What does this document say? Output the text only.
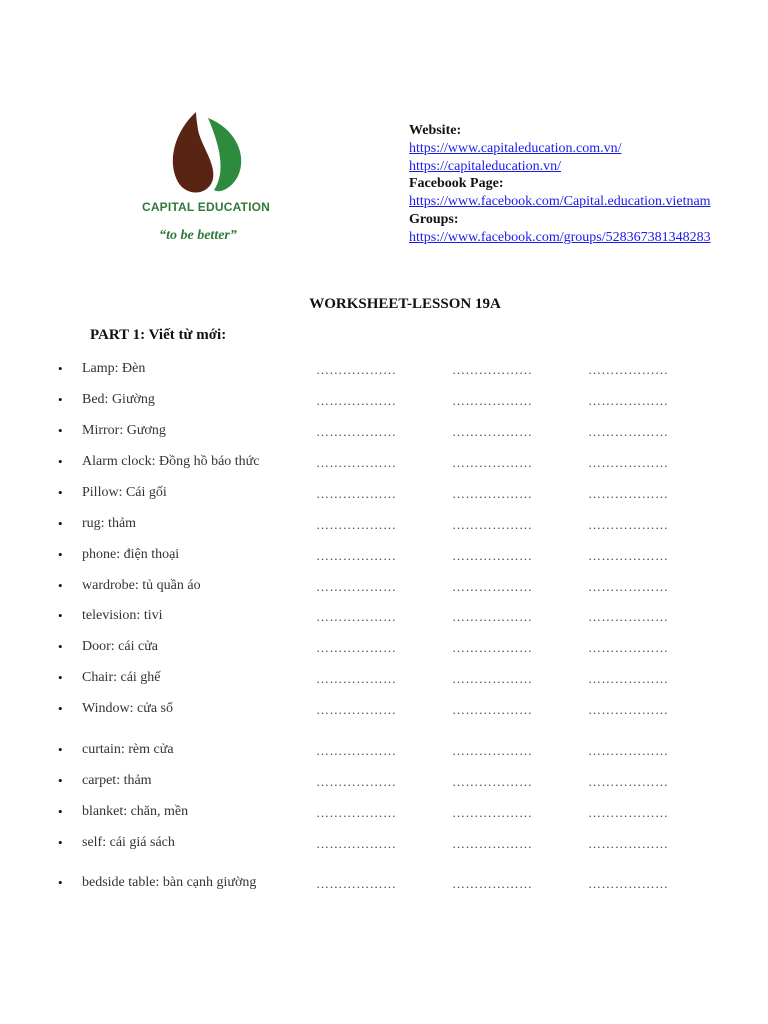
CAPITAL EDUCATION
“to be better”
Website:
https://www.capitaleducation.com.vn/
https://capitaleducation.vn/
Facebook Page:
https://www.facebook.com/Capital.education.vietnam
Groups:
https://www.facebook.com/groups/528367381348283
WORKSHEET-LESSON 19A
PART 1: Viết từ mới:
• Lamp: Đèn	………………	………………	………………
• Bed: Giường	………………	………………	………………
• Mirror: Gương	………………	………………	………………
• Alarm clock: Đồng hồ báo thức	………………	………………	………………
• Pillow: Cái gối	………………	………………	………………
• rug: thảm	………………	………………	………………
• phone: điện thoại	………………	………………	………………
• wardrobe: tủ quần áo	………………	………………	………………
• television: tivi	………………	………………	………………
• Door: cái cửa	………………	………………	………………
• Chair: cái ghế	………………	………………	………………
• Window: cửa sổ	………………	………………	………………
• curtain: rèm cửa	………………	………………	………………
• carpet: thảm	………………	………………	………………
• blanket: chăn, mền	………………	………………	………………
• self: cái giá sách	………………	………………	………………
• bedside table: bàn cạnh giường	………………	………………	………………
